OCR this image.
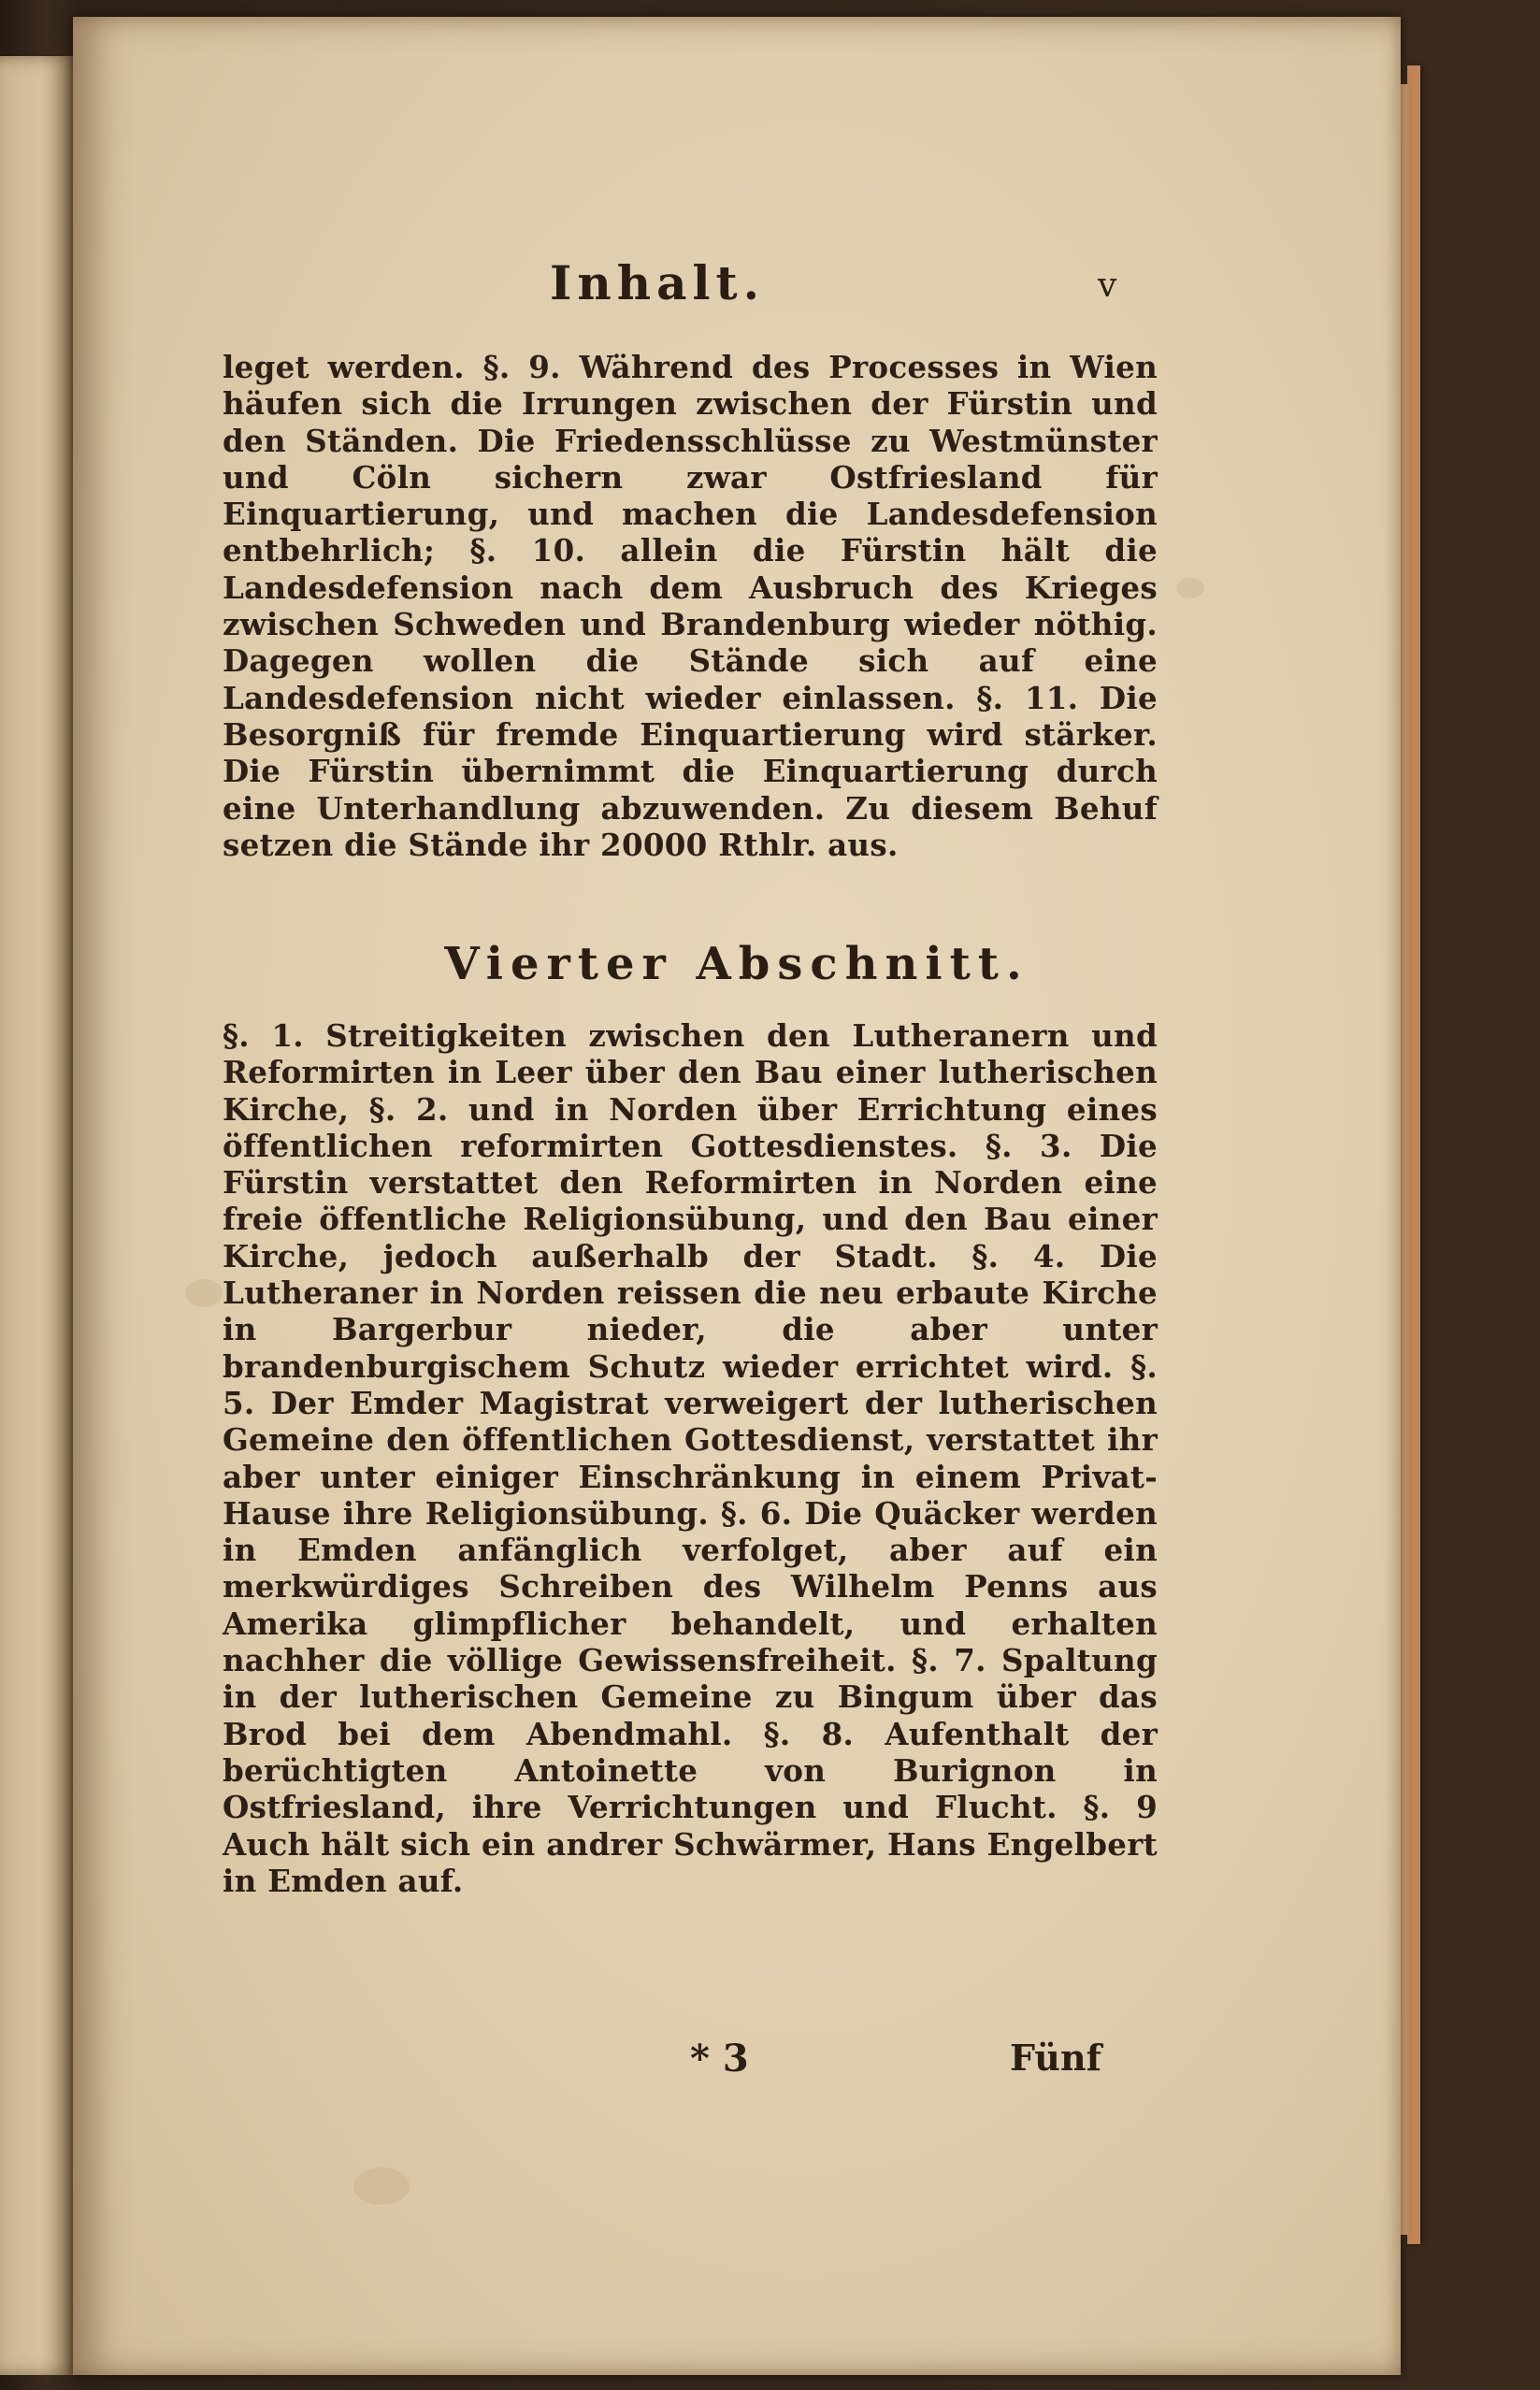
Inhalt.	v
leget werden. §. 9. Während des Processes in Wien häufen sich die Irrungen zwischen der Fürstin und den Ständen. Die Friedensschlüsse zu Westmünster und Cöln sichern zwar Ostfriesland für Einquartierung, und machen die Landesdefension entbehrlich; §. 10. allein die Fürstin hält die Landesdefension nach dem Ausbruch des Krieges zwischen Schweden und Brandenburg wieder nöthig. Dagegen wollen die Stände sich auf eine Landesdefension nicht wieder einlassen. §. 11. Die Besorgniß für fremde Einquartierung wird stärker. Die Fürstin übernimmt die Einquartierung durch eine Unterhandlung abzuwenden. Zu diesem Behuf setzen die Stände ihr 20000 Rthlr. aus.
Vierter Abschnitt.
§. 1. Streitigkeiten zwischen den Lutheranern und Reformirten in Leer über den Bau einer lutherischen Kirche, §. 2. und in Norden über Errichtung eines öffentlichen reformirten Gottesdienstes. §. 3. Die Fürstin verstattet den Reformirten in Norden eine freie öffentliche Religionsübung, und den Bau einer Kirche, jedoch außerhalb der Stadt. §. 4. Die Lutheraner in Norden reissen die neu erbaute Kirche in Bargerbur nieder, die aber unter brandenburgischem Schutz wieder errichtet wird. §. 5. Der Emder Magistrat verweigert der lutherischen Gemeine den öffentlichen Gottesdienst, verstattet ihr aber unter einiger Einschränkung in einem Privat-Hause ihre Religionsübung. §. 6. Die Quäcker werden in Emden anfänglich verfolget, aber auf ein merkwürdiges Schreiben des Wilhelm Penns aus Amerika glimpflicher behandelt, und erhalten nachher die völlige Gewissensfreiheit. §. 7. Spaltung in der lutherischen Gemeine zu Bingum über das Brod bei dem Abendmahl. §. 8. Aufenthalt der berüchtigten Antoinette von Burignon in Ostfriesland, ihre Verrichtungen und Flucht. §. 9 Auch hält sich ein andrer Schwärmer, Hans Engelbert in Emden auf.
* 3	Fünf
